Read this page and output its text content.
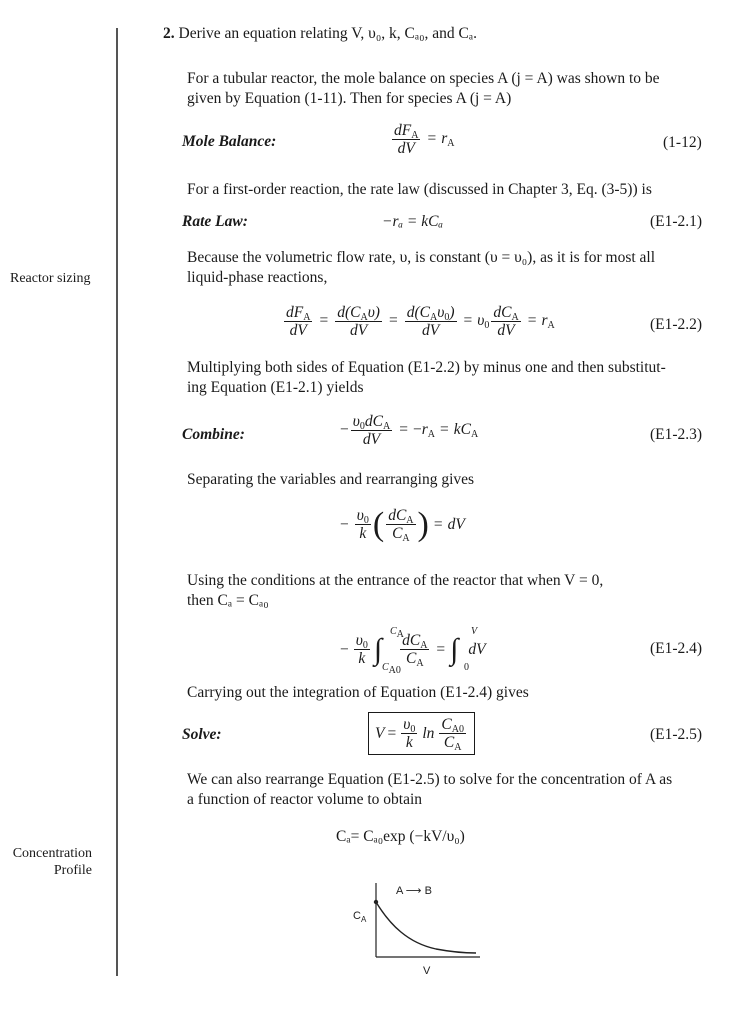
Reactor sizing
Concentration
Profile
2. Derive an equation relating V, υ₀, k, Cₐ₀, and Cₐ.
For a tubular reactor, the mole balance on species A (j = A) was shown to be
given by Equation (1-11). Then for species A (j = A)
Mole Balance:	$\frac{dF_A}{dV} = r_A$	(1-12)
For a first-order reaction, the rate law (discussed in Chapter 3, Eq. (3-5)) is
Rate Law:	−rₐ = kCₐ	(E1-2.1)
Because the volumetric flow rate, υ, is constant (υ = υ₀), as it is for most all
liquid-phase reactions,
$\frac{dF_A}{dV} = \frac{d(C_A\upsilon)}{dV} = \frac{d(C_A\upsilon_0)}{dV} = \upsilon_0 \frac{dC_A}{dV} = r_A$	(E1-2.2)
Multiplying both sides of Equation (E1-2.2) by minus one and then substitut-
ing Equation (E1-2.1) yields
Combine:	− $\frac{\upsilon_0dC_A}{dV} = -r_A = kC_A$	(E1-2.3)
Separating the variables and rearranging gives
− $\frac{\upsilon_0}{k}$ ( $\frac{dC_A}{C_A}$ ) = dV
Using the conditions at the entrance of the reactor that when V = 0,
then Cₐ = Cₐ₀
− $\frac{\upsilon_0}{k}$ ∫ $\frac{dC_A}{C_A}$ = ∫ dV
$C_A$
$C_{A0}$
V
0
(E1-2.4)
Carrying out the integration of Equation (E1-2.4) gives
Solve:	$V = \frac{\upsilon_0}{k}$ $\ln \frac{C_{A0}}{C_A}$	(E1-2.5)
We can also rearrange Equation (E1-2.5) to solve for the concentration of A as
a function of reactor volume to obtain
Cₐ= Cₐ₀exp (−kV/υ₀)
A ⟶ B
$C_A$
V
